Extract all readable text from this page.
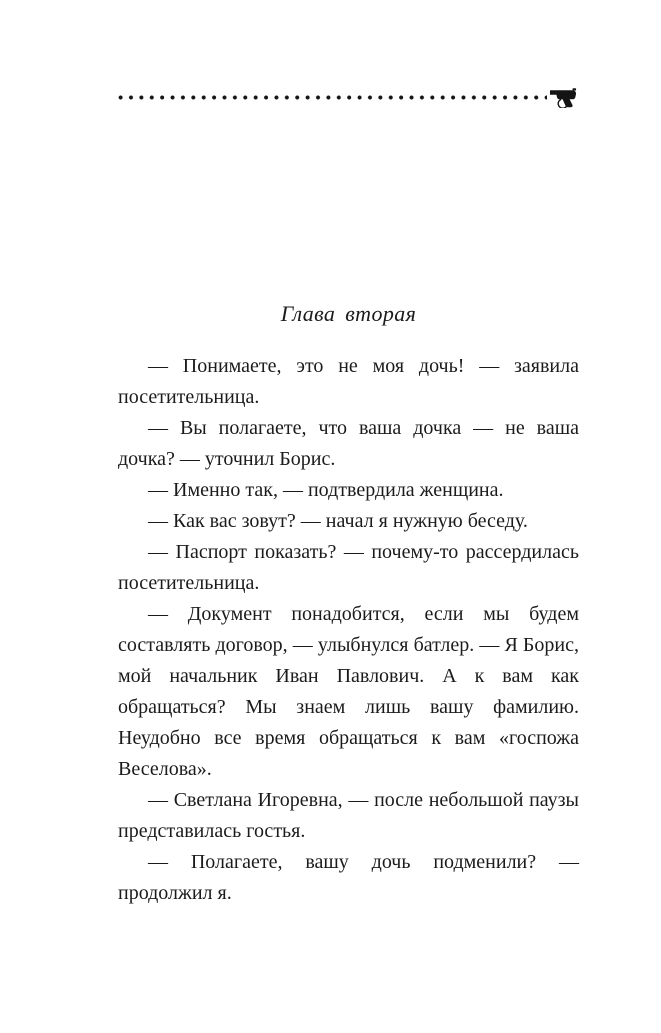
Глава вторая

— Понимаете, это не моя дочь! — заявила посетительница.

— Вы полагаете, что ваша дочка — не ваша дочка? — уточнил Борис.

— Именно так, — подтвердила женщина.

— Как вас зовут? — начал я нужную беседу.

— Паспорт показать? — почему-то рассердилась посетительница.

— Документ понадобится, если мы будем составлять договор, — улыбнулся батлер. — Я Борис, мой начальник Иван Павлович. А к вам как обращаться? Мы знаем лишь вашу фамилию. Неудобно все время обращаться к вам «госпожа Веселова».

— Светлана Игоревна, — после небольшой паузы представилась гостья.

— Полагаете, вашу дочь подменили? — продолжил я.
